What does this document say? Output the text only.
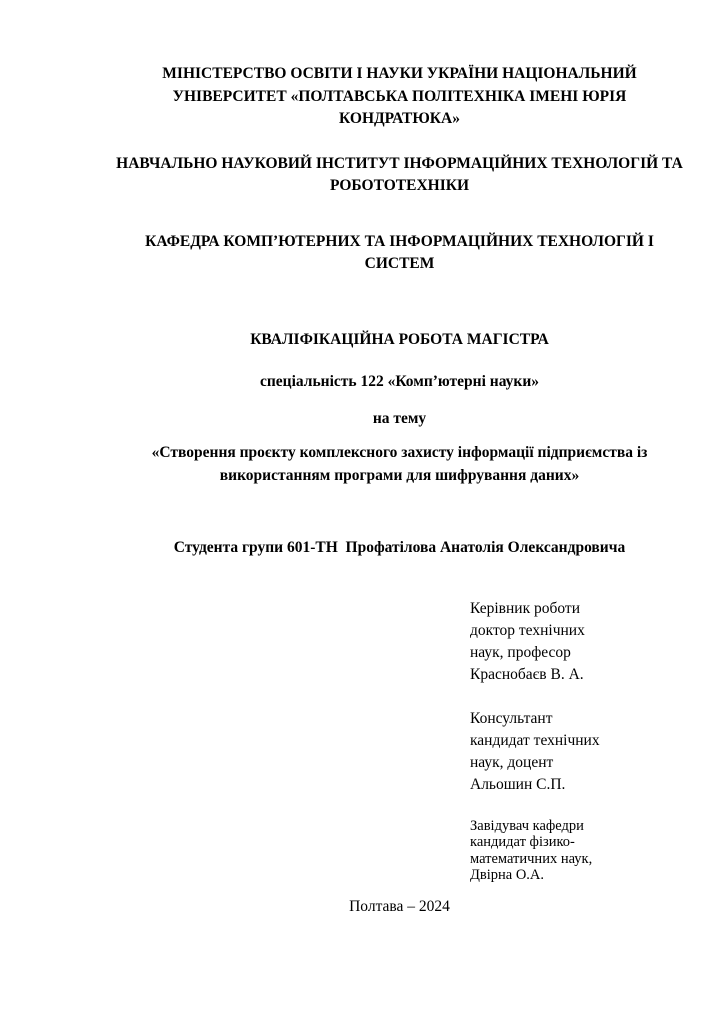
МІНІСТЕРСТВО ОСВІТИ І НАУКИ УКРАЇНИ НАЦІОНАЛЬНИЙ УНІВЕРСИТЕТ «ПОЛТАВСЬКА ПОЛІТЕХНІКА ІМЕНІ ЮРІЯ КОНДРАТЮКА»
НАВЧАЛЬНО НАУКОВИЙ ІНСТИТУТ ІНФОРМАЦІЙНИХ ТЕХНОЛОГІЙ ТА РОБОТОТЕХНІКИ
КАФЕДРА КОМП’ЮТЕРНИХ ТА ІНФОРМАЦІЙНИХ ТЕХНОЛОГІЙ І СИСТЕМ
КВАЛІФІКАЦІЙНА РОБОТА МАГІСТРА
спеціальність 122 «Комп’ютерні науки»
на тему
«Створення проєкту комплексного захисту інформації підприємства із використанням програми для шифрування даних»
Студента групи 601-ТН  Профатілова Анатолія Олександровича
Керівник роботи
доктор технічних
наук, професор
Краснобаєв В. А.
Консультант
кандидат технічних
наук, доцент
Альошин С.П.
Завідувач кафедри
кандидат фізико-
математичних наук,
Двірна О.А.
Полтава – 2024
